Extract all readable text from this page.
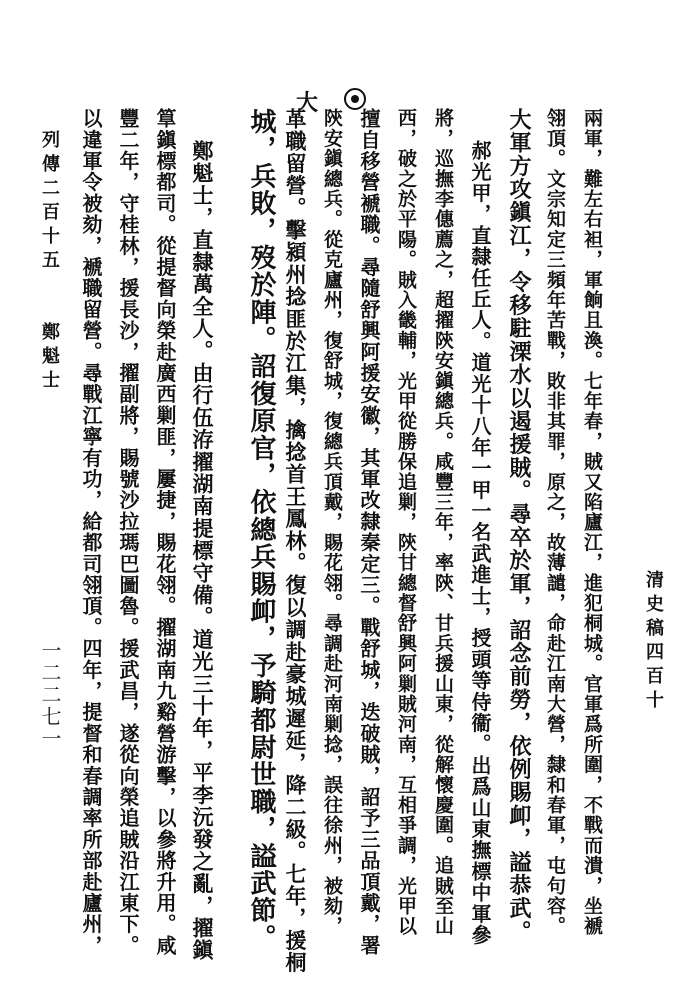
大
清史稿四百十
兩軍，難左右袒，軍餉且渙。七年春，賊又陷廬江，進犯桐城。官軍爲所圍，不戰而潰，坐褫
翎頂。文宗知定三頻年苦戰，敗非其罪，原之，故薄譴，命赴江南大營，隸和春軍，屯句容。
大軍方攻鎭江，令移駐溧水以遏援賊。尋卒於軍，詔念前勞，依例賜卹，謚恭武。
郝光甲，直隸任丘人。道光十八年一甲一名武進士，授頭等侍衞。出爲山東撫標中軍參
將，巡撫李僡薦之，超擢陝安鎭總兵。咸豐三年，率陝、甘兵援山東，從解懷慶圍。追賊至山
西，破之於平陽。賊入畿輔，光甲從勝保追剿，陝甘總督舒興阿剿賊河南，互相爭調，光甲以
擅自移營褫職。尋隨舒興阿援安徽，其軍改隸秦定三。戰舒城，迭破賊，詔予三品頂戴，署
陝安鎭總兵。從克廬州，復舒城，復總兵頂戴，賜花翎。尋調赴河南剿捻，誤往徐州，被劾，
革職留營。擊潁州捻匪於江集，擒捻首王鳳林。復以調赴豪城遲延，降二級。七年，援桐
城，兵敗，歿於陣。詔復原官，依總兵賜卹，予騎都尉世職，謚武節。
鄭魁士，直隸萬全人。由行伍洊擢湖南提標守備。道光三十年，平李沅發之亂，擢鎭
筸鎭標都司。從提督向榮赴廣西剿匪，屢捷，賜花翎。擢湖南九谿營游擊，以參將升用。咸
豐二年，守桂林，援長沙，擢副將，賜號沙拉瑪巴圖魯。援武昌，遂從向榮追賊沿江東下。
以違軍令被劾，褫職留營。尋戰江寧有功，給都司翎頂。四年，提督和春調率所部赴廬州，
列傳二百十五
鄭魁士
一二二七一
